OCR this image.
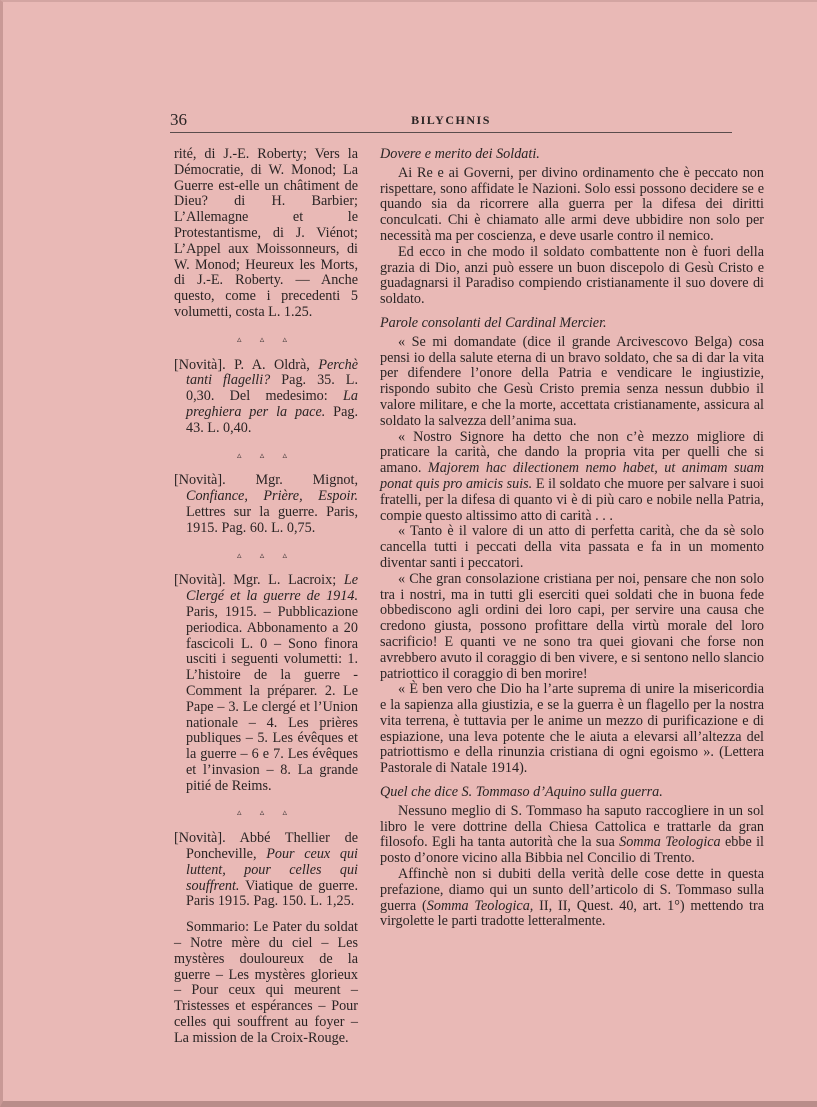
36	BILYCHNIS

rité, di J.-E. Roberty; Vers la Démocratie, di W. Monod; La Guerre est-elle un châtiment de Dieu? di H. Barbier; L’Allemagne et le Protestantisme, di J. Viénot; L’Appel aux Moissonneurs, di W. Monod; Heureux les Morts, di J.-E. Roberty. — Anche questo, come i precedenti 5 volumetti, costa L. 1.25.

▵ ▵ ▵

[Novità]. P. A. Oldrà, Perchè tanti flagelli? Pag. 35. L. 0,30. Del medesimo: La preghiera per la pace. Pag. 43. L. 0,40.

▵ ▵ ▵

[Novità]. Mgr. Mignot, Confiance, Prière, Espoir. Lettres sur la guerre. Paris, 1915. Pag. 60. L. 0,75.

▵ ▵ ▵

[Novità]. Mgr. L. Lacroix; Le Clergé et la guerre de 1914. Paris, 1915. – Pubblicazione periodica. Abbonamento a 20 fascicoli L. 0 – Sono finora usciti i seguenti volumetti: 1. L’histoire de la guerre - Comment la préparer. 2. Le Pape – 3. Le clergé et l’Union nationale – 4. Les prières publiques – 5. Les évêques et la guerre – 6 e 7. Les évêques et l’invasion – 8. La grande pitié de Reims.

▵ ▵ ▵

[Novità]. Abbé Thellier de Poncheville, Pour ceux qui luttent, pour celles qui souffrent. Viatique de guerre. Paris 1915. Pag. 150. L. 1,25.

Sommario: Le Pater du soldat – Notre mère du ciel – Les mystères douloureux de la guerre – Les mystères glorieux – Pour ceux qui meurent – Tristesses et espérances – Pour celles qui souffrent au foyer – La mission de la Croix-Rouge.

Dovere e merito dei Soldati.

Ai Re e ai Governi, per divino ordinamento che è peccato non rispettare, sono affidate le Nazioni. Solo essi possono decidere se e quando sia da ricorrere alla guerra per la difesa dei diritti conculcati. Chi è chiamato alle armi deve ubbidire non solo per necessità ma per coscienza, e deve usarle contro il nemico.

Ed ecco in che modo il soldato combattente non è fuori della grazia di Dio, anzi può essere un buon discepolo di Gesù Cristo e guadagnarsi il Paradiso compiendo cristianamente il suo dovere di soldato.

Parole consolanti del Cardinal Mercier.

« Se mi domandate (dice il grande Arcivescovo Belga) cosa pensi io della salute eterna di un bravo soldato, che sa di dar la vita per difendere l’onore della Patria e vendicare le ingiustizie, rispondo subito che Gesù Cristo premia senza nessun dubbio il valore militare, e che la morte, accettata cristianamente, assicura al soldato la salvezza dell’anima sua.

« Nostro Signore ha detto che non c’è mezzo migliore di praticare la carità, che dando la propria vita per quelli che si amano. Majorem hac dilectionem nemo habet, ut animam suam ponat quis pro amicis suis. E il soldato che muore per salvare i suoi fratelli, per la difesa di quanto vi è di più caro e nobile nella Patria, compie questo altissimo atto di carità . . .

« Tanto è il valore di un atto di perfetta carità, che da sè solo cancella tutti i peccati della vita passata e fa in un momento diventar santi i peccatori.

« Che gran consolazione cristiana per noi, pensare che non solo tra i nostri, ma in tutti gli eserciti quei soldati che in buona fede obbediscono agli ordini dei loro capi, per servire una causa che credono giusta, possono profittare della virtù morale del loro sacrificio! E quanti ve ne sono tra quei giovani che forse non avrebbero avuto il coraggio di ben vivere, e si sentono nello slancio patriottico il coraggio di ben morire!

« È ben vero che Dio ha l’arte suprema di unire la misericordia e la sapienza alla giustizia, e se la guerra è un flagello per la nostra vita terrena, è tuttavia per le anime un mezzo di purificazione e di espiazione, una leva potente che le aiuta a elevarsi all’altezza del patriottismo e della rinunzia cristiana di ogni egoismo ». (Lettera Pastorale di Natale 1914).

Quel che dice S. Tommaso d’Aquino sulla guerra.

Nessuno meglio di S. Tommaso ha saputo raccogliere in un sol libro le vere dottrine della Chiesa Cattolica e trattarle da gran filosofo. Egli ha tanta autorità che la sua Somma Teologica ebbe il posto d’onore vicino alla Bibbia nel Concilio di Trento.

Affinchè non si dubiti della verità delle cose dette in questa prefazione, diamo qui un sunto dell’articolo di S. Tommaso sulla guerra (Somma Teologica, II, II, Quest. 40, art. 1°) mettendo tra virgolette le parti tradotte letteralmente.
